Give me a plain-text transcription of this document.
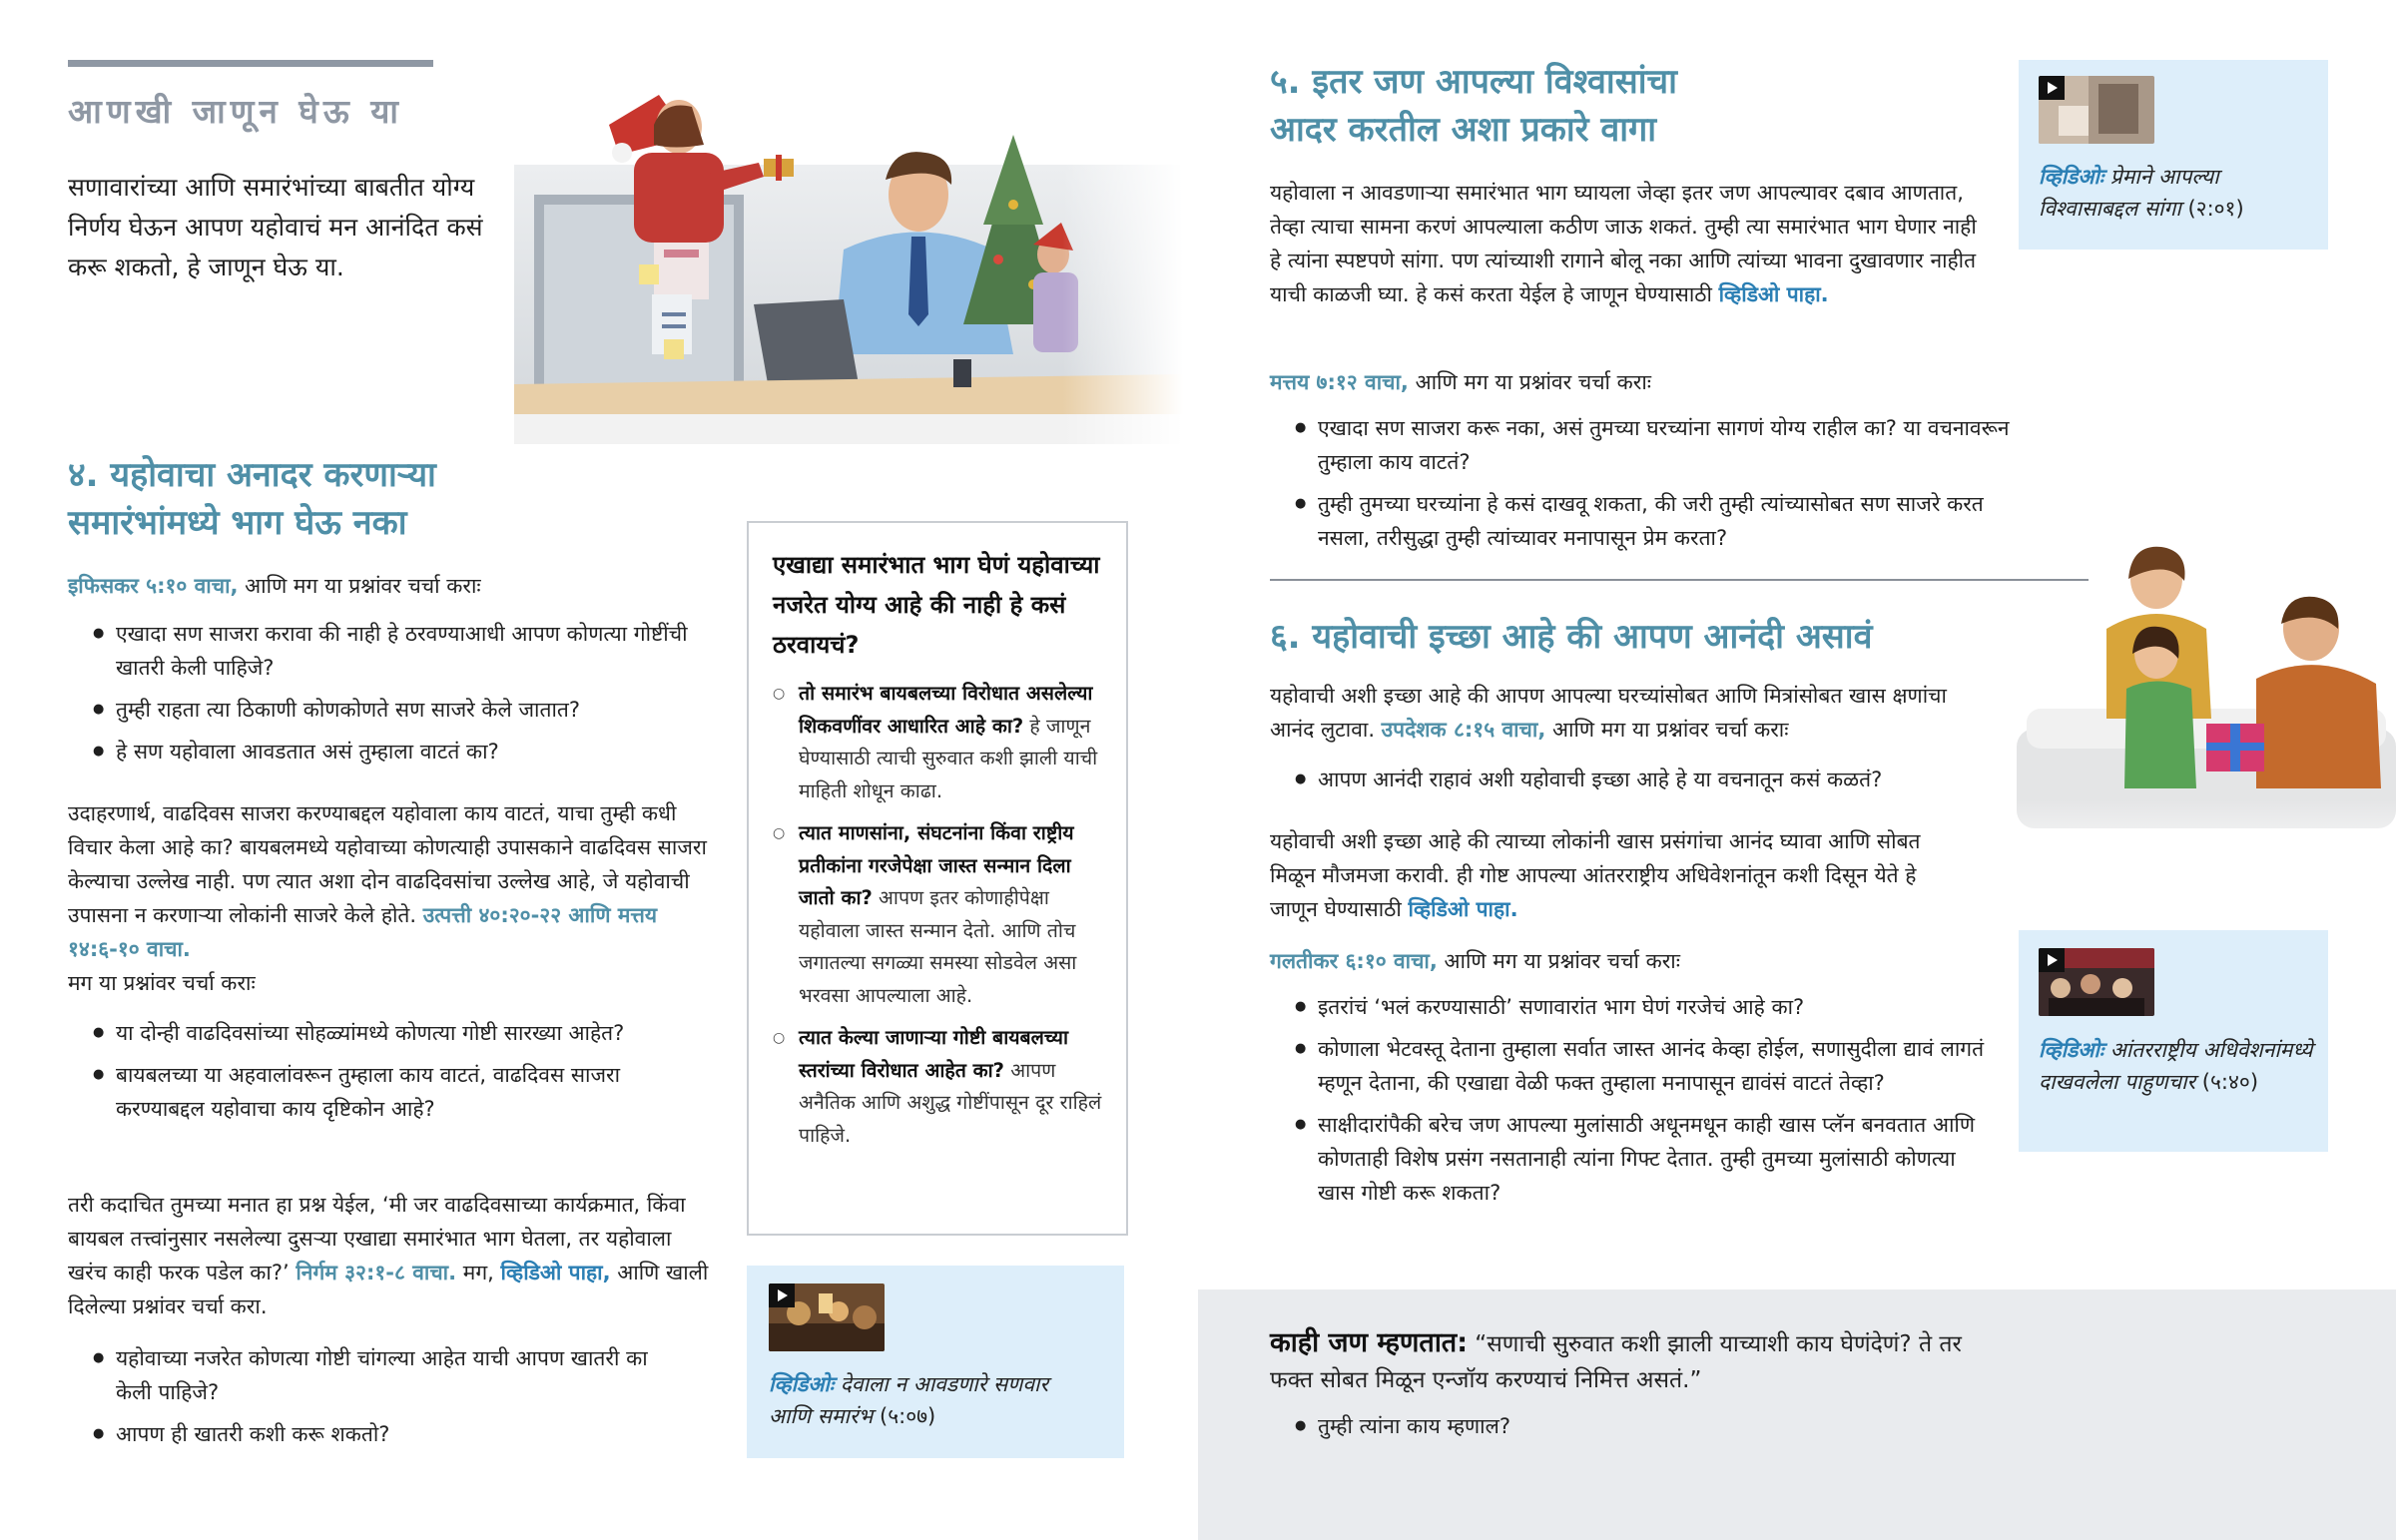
आणखी जाणून घेऊ या
सणावारांच्या आणि समारंभांच्या बाबतीत योग्य निर्णय घेऊन आपण यहोवाचं मन आनंदित कसं करू शकतो, हे जाणून घेऊ या.
४. यहोवाचा अनादर करणाऱ्या
समारंभांमध्ये भाग घेऊ नका
इफिसकर ५:१० वाचा, आणि मग या प्रश्नांवर चर्चा कराः
● एखादा सण साजरा करावा की नाही हे ठरवण्याआधी आपण कोणत्या गोष्टींची खातरी केली पाहिजे?
● तुम्ही राहता त्या ठिकाणी कोणकोणते सण साजरे केले जातात?
● हे सण यहोवाला आवडतात असं तुम्हाला वाटतं का?
उदाहरणार्थ, वाढदिवस साजरा करण्याबद्दल यहोवाला काय वाटतं, याचा तुम्ही कधी विचार केला आहे का? बायबलमध्ये यहोवाच्या कोणत्याही उपासकाने वाढदिवस साजरा केल्याचा उल्लेख नाही. पण त्यात अशा दोन वाढदिवसांचा उल्लेख आहे, जे यहोवाची उपासना न करणाऱ्या लोकांनी साजरे केले होते. उत्पत्ती ४०:२०-२२ आणि मत्तय १४:६-१० वाचा.
मग या प्रश्नांवर चर्चा कराः
● या दोन्ही वाढदिवसांच्या सोहळ्यांमध्ये कोणत्या गोष्टी सारख्या आहेत?
● बायबलच्या या अहवालांवरून तुम्हाला काय वाटतं, वाढदिवस साजरा करण्याबद्दल यहोवाचा काय दृष्टिकोन आहे?
तरी कदाचित तुमच्या मनात हा प्रश्न येईल, ‘मी जर वाढदिवसाच्या कार्यक्रमात, किंवा बायबल तत्त्वांनुसार नसलेल्या दुसऱ्या एखाद्या समारंभात भाग घेतला, तर यहोवाला खरंच काही फरक पडेल का?’ निर्गम ३२:१-८ वाचा. मग, व्हिडिओ पाहा, आणि खाली दिलेल्या प्रश्नांवर चर्चा करा.
● यहोवाच्या नजरेत कोणत्या गोष्टी चांगल्या आहेत याची आपण खातरी का केली पाहिजे?
● आपण ही खातरी कशी करू शकतो?
एखाद्या समारंभात भाग घेणं यहोवाच्या नजरेत योग्य आहे की नाही हे कसं ठरवायचं?
○ तो समारंभ बायबलच्या विरोधात असलेल्या शिकवणींवर आधारित आहे का? हे जाणून घेण्यासाठी त्याची सुरुवात कशी झाली याची माहिती शोधून काढा.
○ त्यात माणसांना, संघटनांना किंवा राष्ट्रीय प्रतीकांना गरजेपेक्षा जास्त सन्मान दिला जातो का? आपण इतर कोणाहीपेक्षा यहोवाला जास्त सन्मान देतो. आणि तोच जगातल्या सगळ्या समस्या सोडवेल असा भरवसा आपल्याला आहे.
○ त्यात केल्या जाणाऱ्या गोष्टी बायबलच्या स्तरांच्या विरोधात आहेत का? आपण अनैतिक आणि अशुद्ध गोष्टींपासून दूर राहिलं पाहिजे.
व्हिडिओः देवाला न आवडणारे सणवार आणि समारंभ (५:०७)
५. इतर जण आपल्या विश्वासांचा
आदर करतील अशा प्रकारे वागा
यहोवाला न आवडणाऱ्या समारंभात भाग घ्यायला जेव्हा इतर जण आपल्यावर दबाव आणतात, तेव्हा त्याचा सामना करणं आपल्याला कठीण जाऊ शकतं. तुम्ही त्या समारंभात भाग घेणार नाही हे त्यांना स्पष्टपणे सांगा. पण त्यांच्याशी रागाने बोलू नका आणि त्यांच्या भावना दुखावणार नाहीत याची काळजी घ्या. हे कसं करता येईल हे जाणून घेण्यासाठी व्हिडिओ पाहा.
मत्तय ७:१२ वाचा, आणि मग या प्रश्नांवर चर्चा कराः
● एखादा सण साजरा करू नका, असं तुमच्या घरच्यांना सागणं योग्य राहील का? या वचनावरून तुम्हाला काय वाटतं?
● तुम्ही तुमच्या घरच्यांना हे कसं दाखवू शकता, की जरी तुम्ही त्यांच्यासोबत सण साजरे करत नसला, तरीसुद्धा तुम्ही त्यांच्यावर मनापासून प्रेम करता?
व्हिडिओः प्रेमाने आपल्या विश्वासाबद्दल सांगा (२:०१)
६. यहोवाची इच्छा आहे की आपण आनंदी असावं
यहोवाची अशी इच्छा आहे की आपण आपल्या घरच्यांसोबत आणि मित्रांसोबत खास क्षणांचा आनंद लुटावा. उपदेशक ८:१५ वाचा, आणि मग या प्रश्नांवर चर्चा कराः
● आपण आनंदी राहावं अशी यहोवाची इच्छा आहे हे या वचनातून कसं कळतं?
यहोवाची अशी इच्छा आहे की त्याच्या लोकांनी खास प्रसंगांचा आनंद घ्यावा आणि सोबत मिळून मौजमजा करावी. ही गोष्ट आपल्या आंतरराष्ट्रीय अधिवेशनांतून कशी दिसून येते हे जाणून घेण्यासाठी व्हिडिओ पाहा.
गलतीकर ६:१० वाचा, आणि मग या प्रश्नांवर चर्चा कराः
● इतरांचं ‘भलं करण्यासाठी’ सणावारांत भाग घेणं गरजेचं आहे का?
● कोणाला भेटवस्तू देताना तुम्हाला सर्वात जास्त आनंद केव्हा होईल, सणासुदीला द्यावं लागतं म्हणून देताना, की एखाद्या वेळी फक्त तुम्हाला मनापासून द्यावंसं वाटतं तेव्हा?
● साक्षीदारांपैकी बरेच जण आपल्या मुलांसाठी अधूनमधून काही खास प्लॅन बनवतात आणि कोणताही विशेष प्रसंग नसतानाही त्यांना गिफ्ट देतात. तुम्ही तुमच्या मुलांसाठी कोणत्या खास गोष्टी करू शकता?
व्हिडिओः आंतरराष्ट्रीय अधिवेशनांमध्ये दाखवलेला पाहुणचार (५:४०)
काही जण म्हणतात: “सणाची सुरुवात कशी झाली याच्याशी काय घेणंदेणं? ते तर फक्त सोबत मिळून एन्जॉय करण्याचं निमित्त असतं.”
● तुम्ही त्यांना काय म्हणाल?
